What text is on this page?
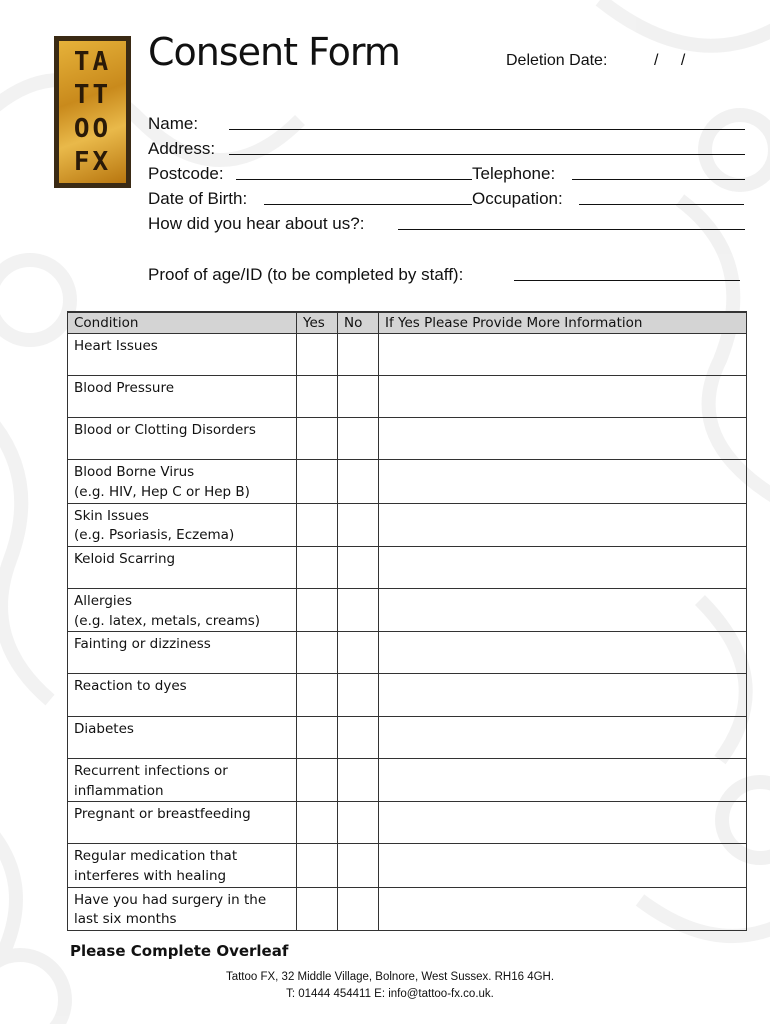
TA
TT
OO
FX
Consent Form	Deletion Date:	/ /
Name:
Address:
Postcode:	Telephone:
Date of Birth:	Occupation:
How did you hear about us?:
Proof of age/ID (to be completed by staff):
Condition	Yes	No	If Yes Please Provide More Information

Heart Issues			

Blood Pressure			

Blood or Clotting Disorders			

Blood Borne Virus
(e.g. HIV, Hep C or Hep B)			

Skin Issues
(e.g. Psoriasis, Eczema)			

Keloid Scarring			

Allergies
(e.g. latex, metals, creams)			

Fainting or dizziness			

Reaction to dyes			

Diabetes			

Recurrent infections or
inflammation			

Pregnant or breastfeeding			

Regular medication that
interferes with healing			

Have you had surgery in the
last six months			

Please Complete Overleaf
Tattoo FX, 32 Middle Village, Bolnore, West Sussex. RH16 4GH.
T: 01444 454411 E: info@tattoo-fx.co.uk.
